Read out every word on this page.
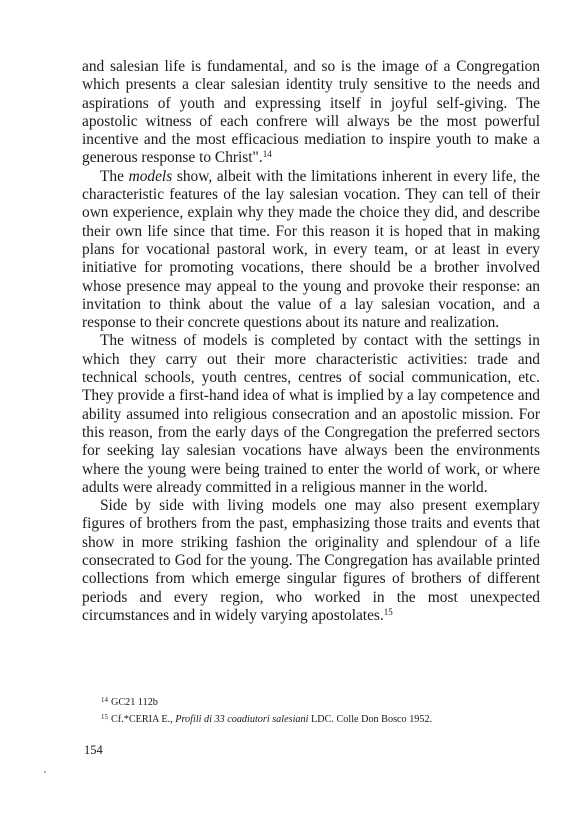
and salesian life is fundamental, and so is the image of a Congregation which presents a clear salesian identity truly sensitive to the needs and aspirations of youth and expressing itself in joyful self-giving. The apostolic witness of each confrere will always be the most powerful incentive and the most efficacious mediation to inspire youth to make a generous response to Christ".$^{14}$

The models show, albeit with the limitations inherent in every life, the characteristic features of the lay salesian vocation. They can tell of their own experience, explain why they made the choice they did, and describe their own life since that time. For this reason it is hoped that in making plans for vocational pastoral work, in every team, or at least in every initiative for promoting vocations, there should be a brother involved whose presence may appeal to the young and provoke their response: an invitation to think about the value of a lay salesian vocation, and a response to their concrete questions about its nature and realization.

The witness of models is completed by contact with the settings in which they carry out their more characteristic activities: trade and technical schools, youth centres, centres of social communication, etc. They provide a first-hand idea of what is implied by a lay competence and ability assumed into religious consecration and an apostolic mission. For this reason, from the early days of the Congregation the preferred sectors for seeking lay salesian vocations have always been the environments where the young were being trained to enter the world of work, or where adults were already committed in a religious manner in the world.

Side by side with living models one may also present exemplary figures of brothers from the past, emphasizing those traits and events that show in more striking fashion the originality and splendour of a life consecrated to God for the young. The Congregation has available printed collections from which emerge singular figures of brothers of different periods and every region, who worked in the most unexpected circumstances and in widely varying apostolates.$^{15}$

$^{14}$ GC21 112b

$^{15}$ Cf.*CERIA E., Profili di 33 coadiutori salesiani LDC. Colle Don Bosco 1952.

154
